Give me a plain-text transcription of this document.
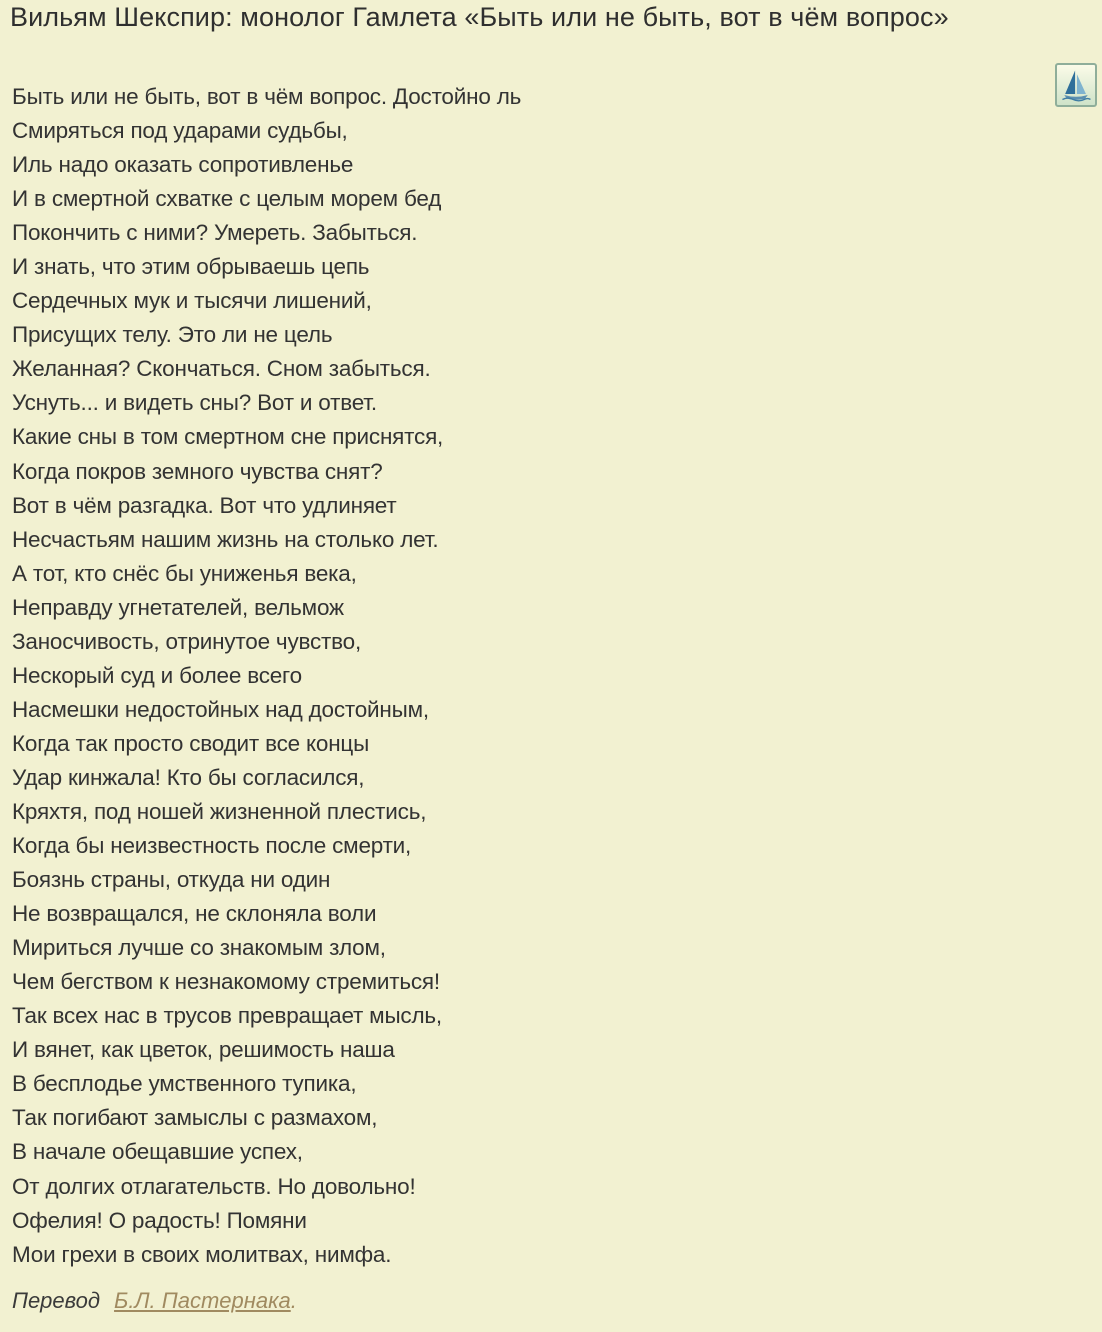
Вильям Шекспир: монолог Гамлета «Быть или не быть, вот в чём вопрос»
Быть или не быть, вот в чём вопрос. Достойно ль
Смиряться под ударами судьбы,
Иль надо оказать сопротивленье
И в смертной схватке с целым морем бед
Покончить с ними? Умереть. Забыться.
И знать, что этим обрываешь цепь
Сердечных мук и тысячи лишений,
Присущих телу. Это ли не цель
Желанная? Скончаться. Сном забыться.
Уснуть... и видеть сны? Вот и ответ.
Какие сны в том смертном сне приснятся,
Когда покров земного чувства снят?
Вот в чём разгадка. Вот что удлиняет
Несчастьям нашим жизнь на столько лет.
А тот, кто снёс бы униженья века,
Неправду угнетателей, вельмож
Заносчивость, отринутое чувство,
Нескорый суд и более всего
Насмешки недостойных над достойным,
Когда так просто сводит все концы
Удар кинжала! Кто бы согласился,
Кряхтя, под ношей жизненной плестись,
Когда бы неизвестность после смерти,
Боязнь страны, откуда ни один
Не возвращался, не склоняла воли
Мириться лучше со знакомым злом,
Чем бегством к незнакомому стремиться!
Так всех нас в трусов превращает мысль,
И вянет, как цветок, решимость наша
В бесплодье умственного тупика,
Так погибают замыслы с размахом,
В начале обещавшие успех,
От долгих отлагательств. Но довольно!
Офелия! О радость! Помяни
Мои грехи в своих молитвах, нимфа.
Перевод Б.Л. Пастернака.
